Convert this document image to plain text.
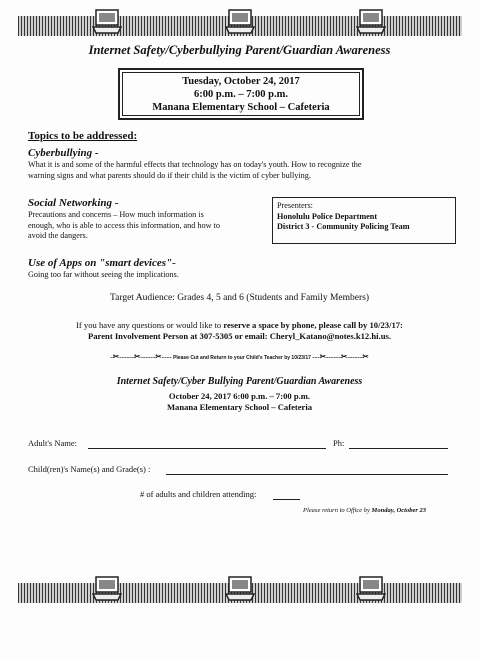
Internet Safety/Cyberbullying Parent/Guardian Awareness
Tuesday, October 24, 2017
6:00 p.m. – 7:00 p.m.
Manana Elementary School – Cafeteria
Topics to be addressed:
Cyberbullying -
What it is and some of the harmful effects that technology has on today's youth. How to recognize the
warning signs and what parents should do if their child is the victim of cyber bullying.
Social Networking -
Precautions and concerns – How much information is
enough, who is able to access this information, and how to
avoid the dangers.
Presenters:
Honolulu Police Department
District 3 - Community Policing Team
Use of Apps on "smart devices"-
Going too far without seeing the implications.
Target Audience: Grades 4, 5 and 6 (Students and Family Members)
If you have any questions or would like to reserve a space by phone, please call by 10/23/17:
Parent Involvement Person at 307-5305 or email: Cheryl_Katano@notes.k12.hi.us.
-✂------✂------✂---- Please Cut and Return to your Child's Teacher by 10/23/17 ---✂------✂------✂
Internet Safety/Cyber Bullying Parent/Guardian Awareness
October 24, 2017 6:00 p.m. – 7:00 p.m.
Manana Elementary School – Cafeteria
Adult's Name:	Ph:
Child(ren)'s Name(s) and Grade(s) :
# of adults and children attending:
Please return to Office by Monday, October 23
